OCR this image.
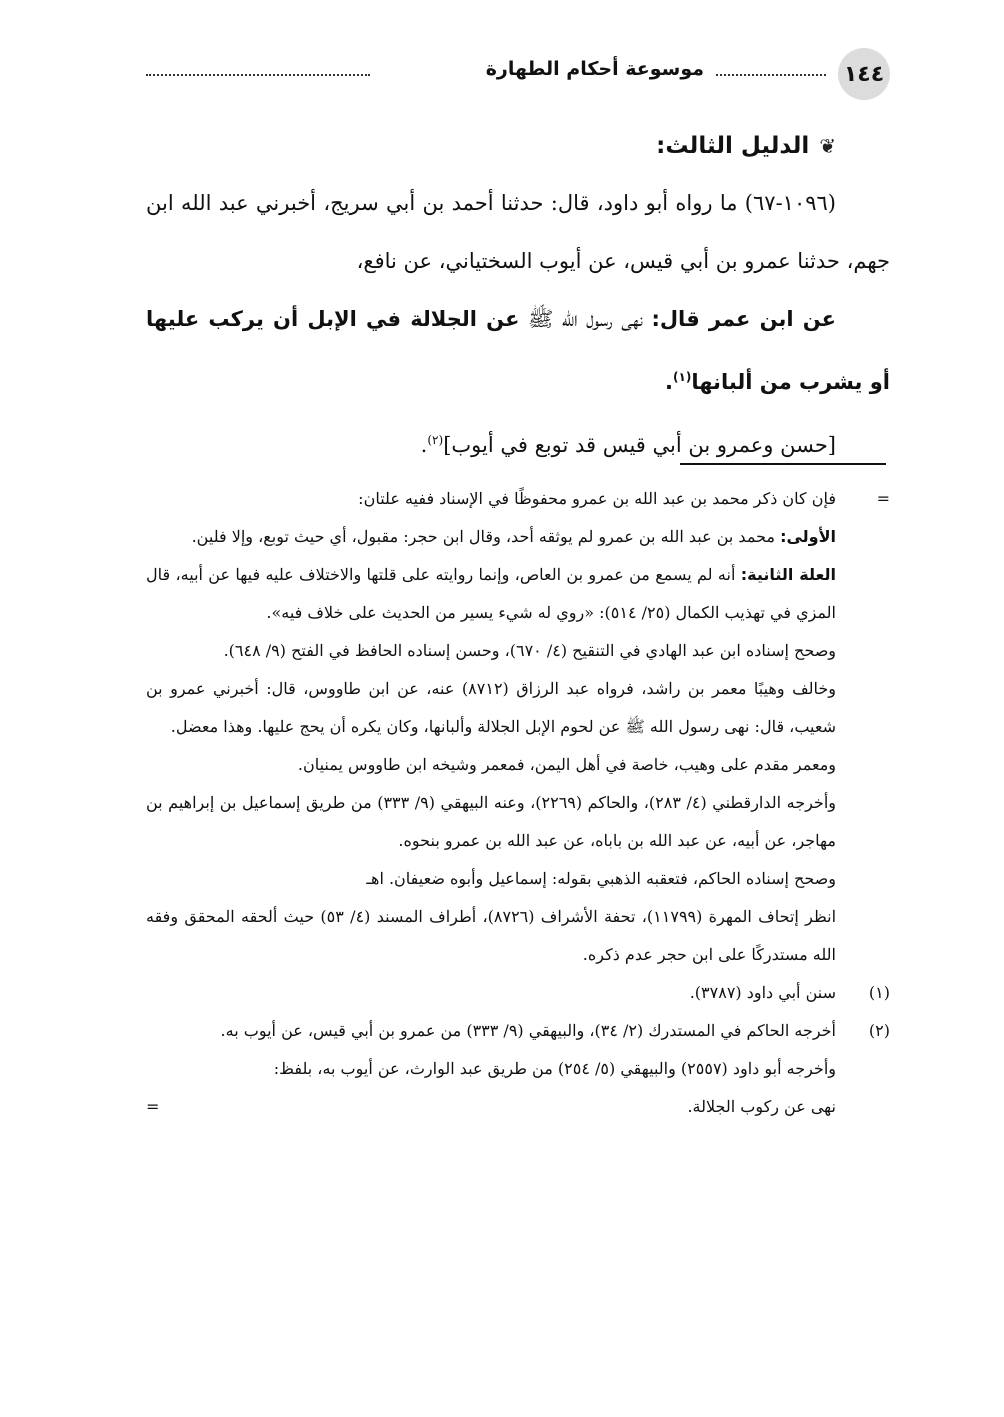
١٤٤
موسوعة أحكام الطهارة
❦
الدليل الثالث:

(١٠٩٦-٦٧) ما رواه أبو داود، قال: حدثنا أحمد بن أبي سريج، أخبرني عبد الله ابن جهم، حدثنا عمرو بن أبي قيس، عن أيوب السختياني، عن نافع،

عن ابن عمر قال: نهى رسول الله ﷺ عن الجلالة في الإبل أن يركب عليها أو يشرب من ألبانها$^{(١)}$.

[حسن وعمرو بن أبي قيس قد توبع في أيوب]$^{(٢)}$.

=
فإن كان ذكر محمد بن عبد الله بن عمرو محفوظًا في الإسناد ففيه علتان:

الأولى: محمد بن عبد الله بن عمرو لم يوثقه أحد، وقال ابن حجر: مقبول، أي حيث توبع، وإلا فلين.

العلة الثانية: أنه لم يسمع من عمرو بن العاص، وإنما روايته على قلتها والاختلاف عليه فيها عن أبيه، قال المزي في تهذيب الكمال (٢٥/ ٥١٤): «روي له شيء يسير من الحديث على خلاف فيه».

وصحح إسناده ابن عبد الهادي في التنقيح (٤/ ٦٧٠)، وحسن إسناده الحافظ في الفتح (٩/ ٦٤٨).

وخالف وهيبًا معمر بن راشد، فرواه عبد الرزاق (٨٧١٢) عنه، عن ابن طاووس، قال: أخبرني عمرو بن شعيب، قال: نهى رسول الله ﷺ عن لحوم الإبل الجلالة وألبانها، وكان يكره أن يحج عليها. وهذا معضل.

ومعمر مقدم على وهيب، خاصة في أهل اليمن، فمعمر وشيخه ابن طاووس يمنيان.

وأخرجه الدارقطني (٤/ ٢٨٣)، والحاكم (٢٢٦٩)، وعنه البيهقي (٩/ ٣٣٣) من طريق إسماعيل بن إبراهيم بن مهاجر، عن أبيه، عن عبد الله بن باباه، عن عبد الله بن عمرو بنحوه.

وصحح إسناده الحاكم، فتعقبه الذهبي بقوله: إسماعيل وأبوه ضعيفان. اهـ

انظر إتحاف المهرة (١١٧٩٩)، تحفة الأشراف (٨٧٢٦)، أطراف المسند (٤/ ٥٣) حيث ألحقه المحقق وفقه الله مستدركًا على ابن حجر عدم ذكره.

(١)
سنن أبي داود (٣٧٨٧).

(٢)
أخرجه الحاكم في المستدرك (٢/ ٣٤)، والبيهقي (٩/ ٣٣٣) من عمرو بن أبي قيس، عن أيوب به.

وأخرجه أبو داود (٢٥٥٧) والبيهقي (٥/ ٢٥٤) من طريق عبد الوارث، عن أيوب به، بلفظ:

نهى عن ركوب الجلالة.
=
